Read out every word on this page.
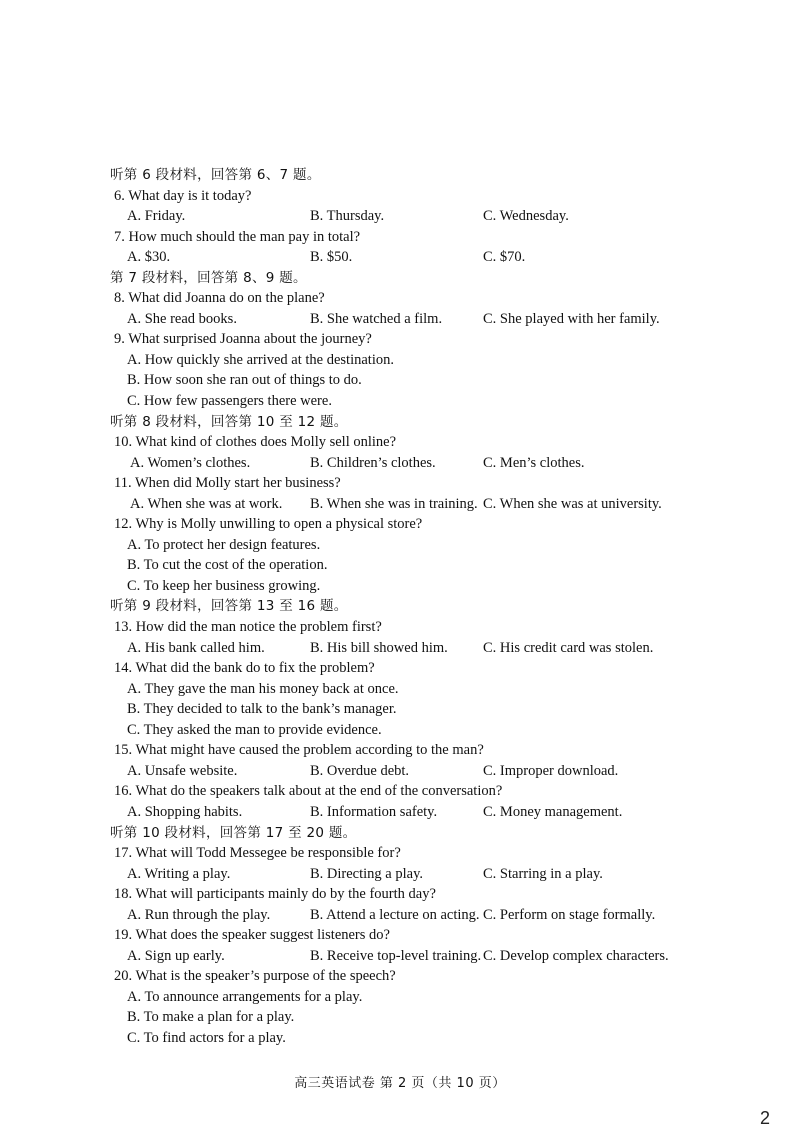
听第 6 段材料，回答第 6、7 题。
6. What day is it today?
A. Friday.	B. Thursday.	C. Wednesday.
7. How much should the man pay in total?
A. $30.	B. $50.	C. $70.
第 7 段材料，回答第 8、9 题。
8. What did Joanna do on the plane?
A. She read books.	B. She watched a film.	C. She played with her family.
9. What surprised Joanna about the journey?
A. How quickly she arrived at the destination.
B. How soon she ran out of things to do.
C. How few passengers there were.
听第 8 段材料，回答第 10 至 12 题。
10. What kind of clothes does Molly sell online?
A. Women’s clothes.	B. Children’s clothes.	C. Men’s clothes.
11. When did Molly start her business?
A. When she was at work. B. When she was in training. C. When she was at university.
12. Why is Molly unwilling to open a physical store?
A. To protect her design features.
B. To cut the cost of the operation.
C. To keep her business growing.
听第 9 段材料，回答第 13 至 16 题。
13. How did the man notice the problem first?
A. His bank called him.	B. His bill showed him. C. His credit card was stolen.
14. What did the bank do to fix the problem?
A. They gave the man his money back at once.
B. They decided to talk to the bank’s manager.
C. They asked the man to provide evidence.
15. What might have caused the problem according to the man?
A. Unsafe website.	B. Overdue debt.	C. Improper download.
16. What do the speakers talk about at the end of the conversation?
A. Shopping habits.	B. Information safety.	C. Money management.
听第 10 段材料，回答第 17 至 20 题。
17. What will Todd Messegee be responsible for?
A. Writing a play.	B. Directing a play.	C. Starring in a play.
18. What will participants mainly do by the fourth day?
A. Run through the play.	B. Attend a lecture on acting. C. Perform on stage formally.
19. What does the speaker suggest listeners do?
A. Sign up early.	B. Receive top-level training. C. Develop complex characters.
20. What is the speaker’s purpose of the speech?
A. To announce arrangements for a play.
B. To make a plan for a play.
C. To find actors for a play.
高三英语试卷 第 2 页（共 10 页）
2
